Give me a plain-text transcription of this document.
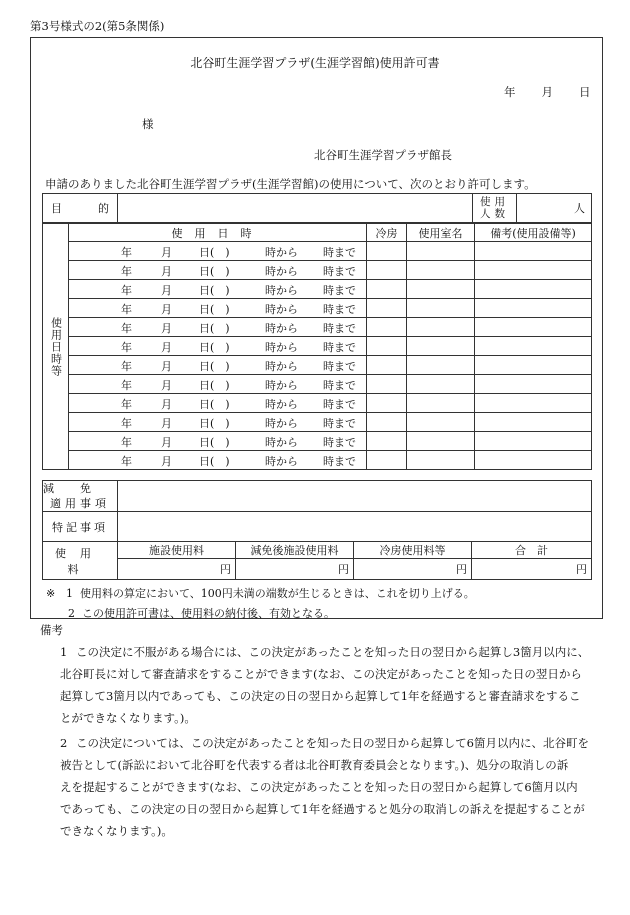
第3号様式の2(第5条関係)
北谷町生涯学習プラザ(生涯学習館)使用許可書
年 月 日
様
北谷町生涯学習プラザ館長
申請のありました北谷町生涯学習プラザ(生涯学習館)の使用について、次のとおり許可します。
目的		使用人数	人
使用日時等	使用日時	冷房	使用室名	備考(使用設備等)

	年 月 日(　) 時から 時まで			

	年 月 日(　) 時から 時まで			

	年 月 日(　) 時から 時まで			

	年 月 日(　) 時から 時まで			

	年 月 日(　) 時から 時まで			

	年 月 日(　) 時から 時まで			

	年 月 日(　) 時から 時まで			

	年 月 日(　) 時から 時まで			

	年 月 日(　) 時から 時まで			

	年 月 日(　) 時から 時まで			

	年 月 日(　) 時から 時まで			

	年 月 日(　) 時から 時まで			

減免
適用事項				

特記事項				
使用料	施設使用料	減免後施設使用料	冷房使用料等	合　計
	円	円	円	円
※ 1 使用料の算定において、100円未満の端数が生じるときは、これを切り上げる。
2 この使用許可書は、使用料の納付後、有効となる。
備考
1 この決定に不服がある場合には、この決定があったことを知った日の翌日から起算し3箇月以内に、
北谷町長に対して審査請求をすることができます(なお、この決定があったことを知った日の翌日から
起算して3箇月以内であっても、この決定の日の翌日から起算して1年を経過すると審査請求をするこ
とができなくなります。)。
2 この決定については、この決定があったことを知った日の翌日から起算して6箇月以内に、北谷町を
被告として(訴訟において北谷町を代表する者は北谷町教育委員会となります。)、処分の取消しの訴
えを提起することができます(なお、この決定があったことを知った日の翌日から起算して6箇月以内
であっても、この決定の日の翌日から起算して1年を経過すると処分の取消しの訴えを提起することが
できなくなります。)。
